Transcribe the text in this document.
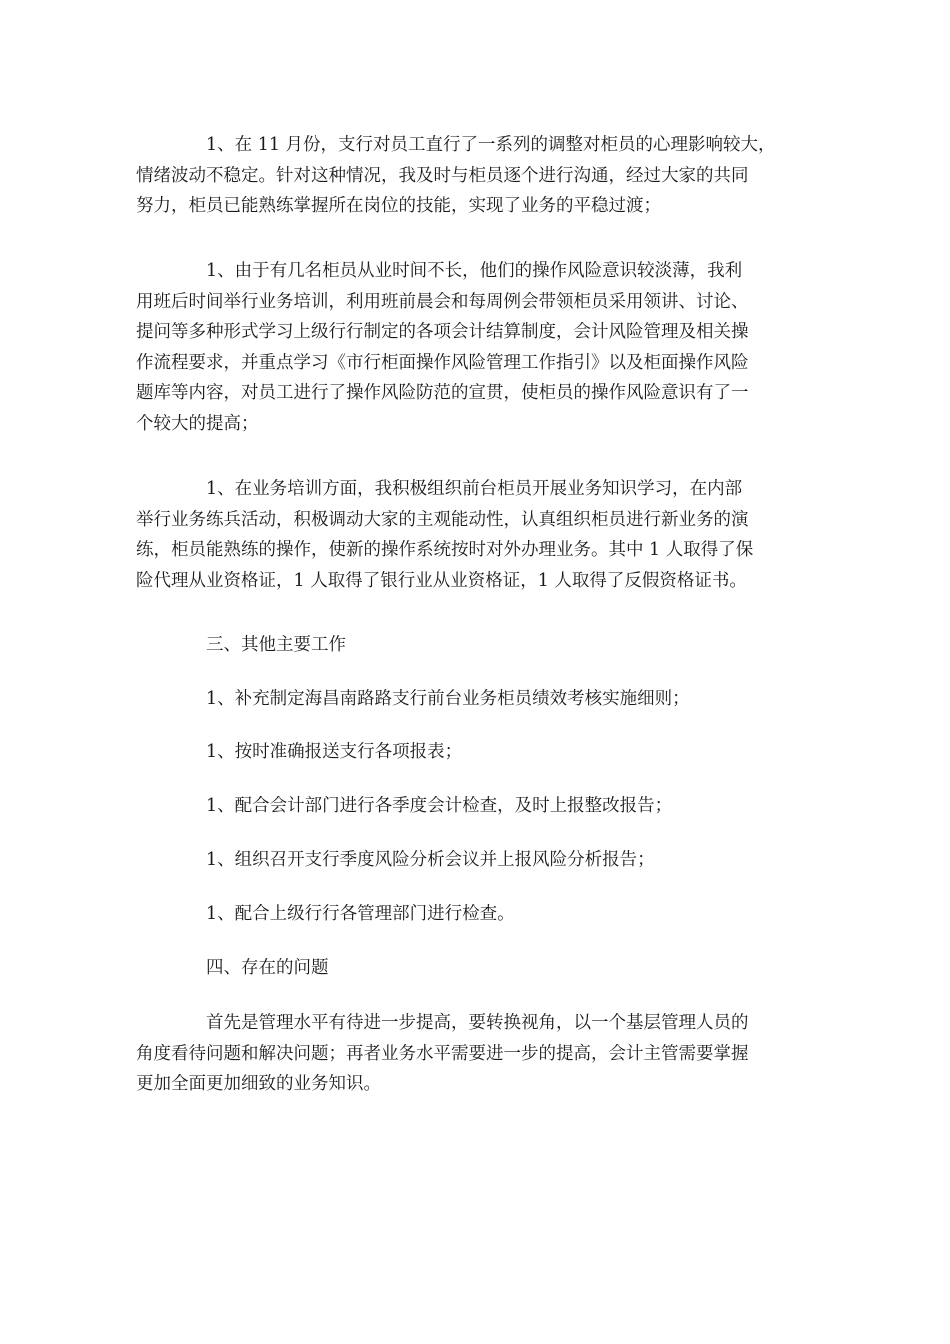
1、在 11 月份，支行对员工直行了一系列的调整对柜员的心理影响较大，
情绪波动不稳定。针对这种情况，我及时与柜员逐个进行沟通，经过大家的共同
努力，柜员已能熟练掌握所在岗位的技能，实现了业务的平稳过渡；

1、由于有几名柜员从业时间不长，他们的操作风险意识较淡薄，我利
用班后时间举行业务培训，利用班前晨会和每周例会带领柜员采用领讲、讨论、
提问等多种形式学习上级行行制定的各项会计结算制度，会计风险管理及相关操
作流程要求，并重点学习《市行柜面操作风险管理工作指引》以及柜面操作风险
题库等内容，对员工进行了操作风险防范的宣贯，使柜员的操作风险意识有了一
个较大的提高；

1、在业务培训方面，我积极组织前台柜员开展业务知识学习，在内部
举行业务练兵活动，积极调动大家的主观能动性，认真组织柜员进行新业务的演
练，柜员能熟练的操作，使新的操作系统按时对外办理业务。其中 1 人取得了保
险代理从业资格证，1 人取得了银行业从业资格证，1 人取得了反假资格证书。

三、其他主要工作

1、补充制定海昌南路路支行前台业务柜员绩效考核实施细则；

1、按时准确报送支行各项报表；

1、配合会计部门进行各季度会计检查，及时上报整改报告；

1、组织召开支行季度风险分析会议并上报风险分析报告；

1、配合上级行行各管理部门进行检查。

四、存在的问题

首先是管理水平有待进一步提高，要转换视角，以一个基层管理人员的
角度看待问题和解决问题；再者业务水平需要进一步的提高，会计主管需要掌握
更加全面更加细致的业务知识。
